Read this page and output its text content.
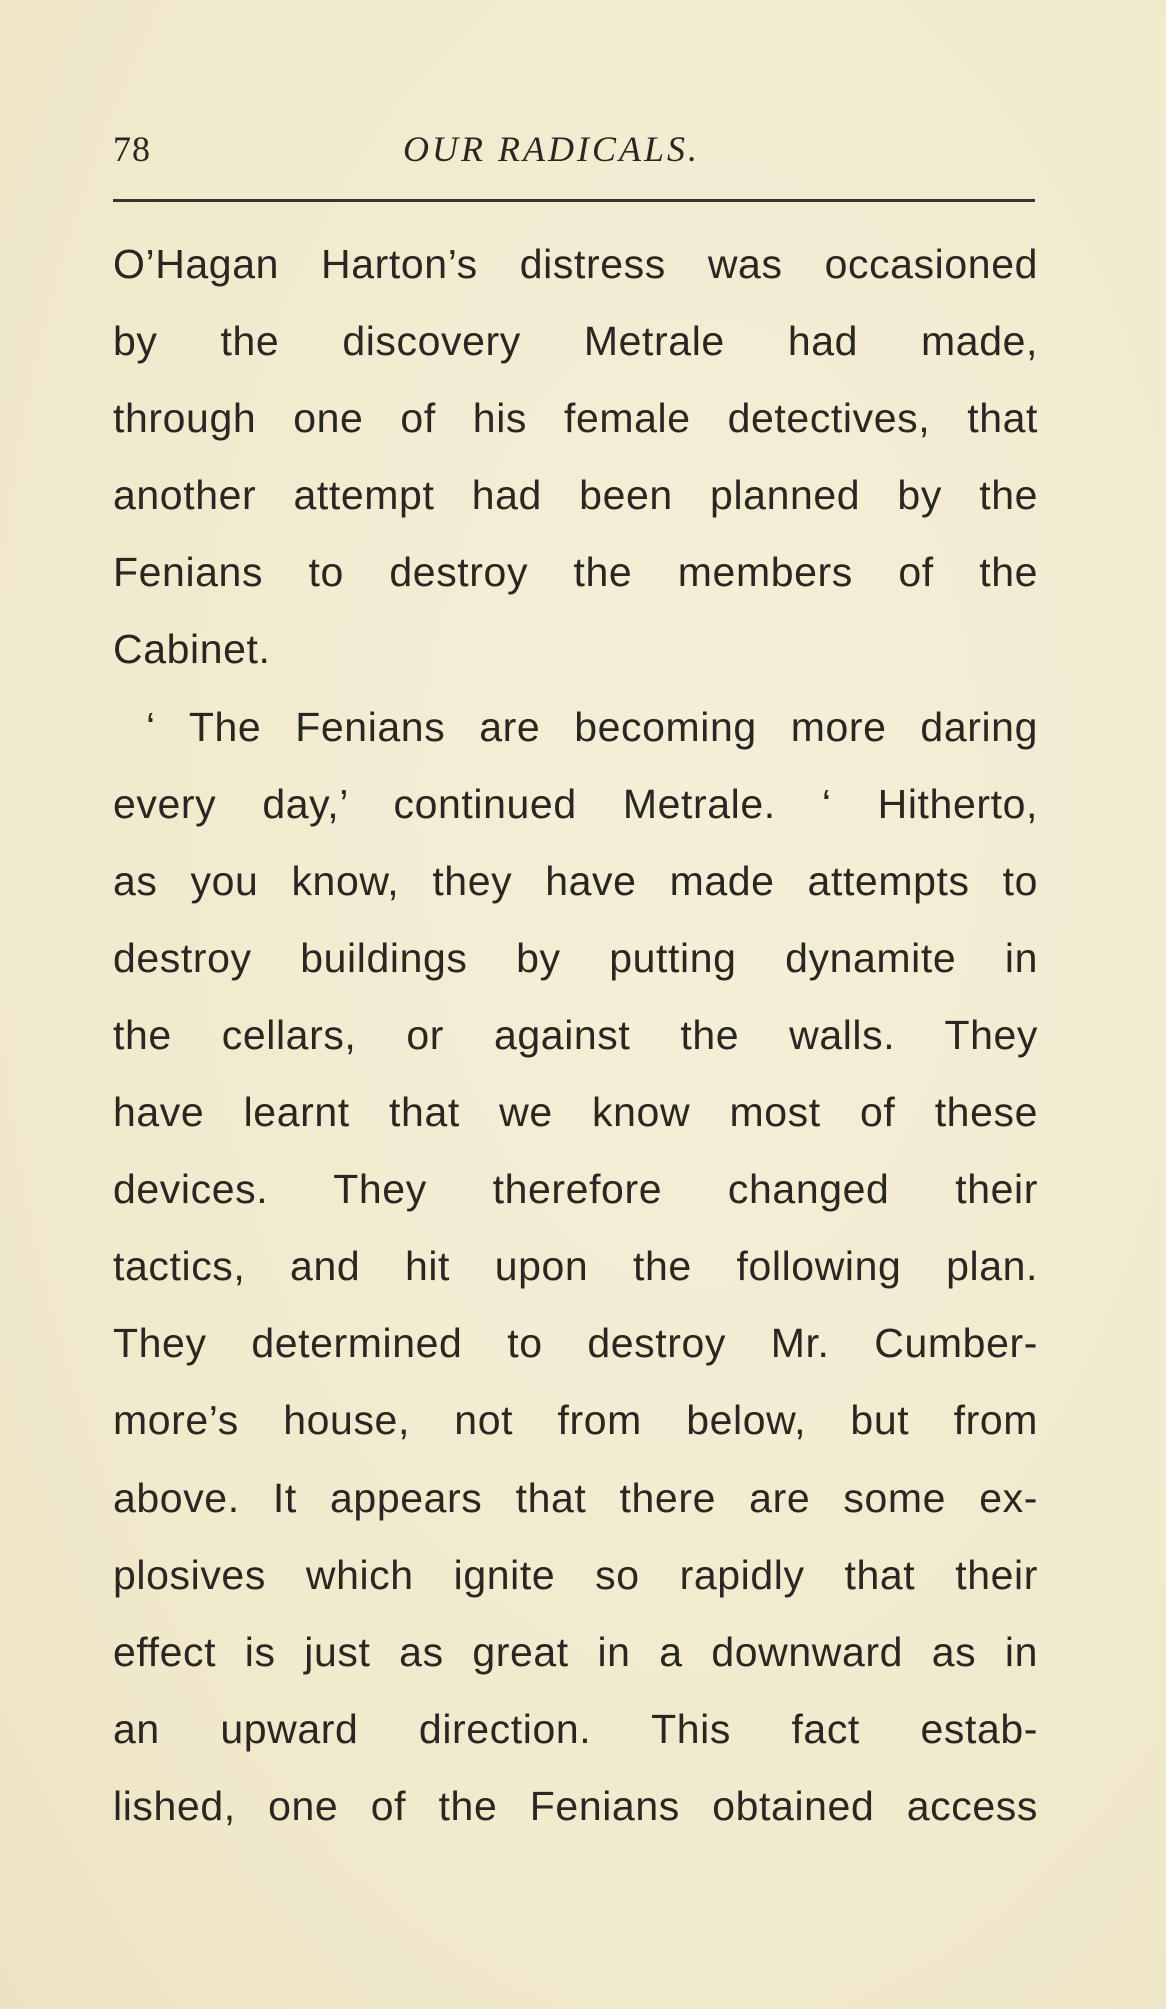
78	OUR RADICALS.
O’Hagan Harton’s distress was occasioned
by the discovery Metrale had made,
through one of his female detectives, that
another attempt had been planned by the
Fenians to destroy the members of the
Cabinet.
‘ The Fenians are becoming more daring
every day,’ continued Metrale. ‘ Hitherto,
as you know, they have made attempts to
destroy buildings by putting dynamite in
the cellars, or against the walls. They
have learnt that we know most of these
devices. They therefore changed their
tactics, and hit upon the following plan.
They determined to destroy Mr. Cumber-
more’s house, not from below, but from
above. It appears that there are some ex-
plosives which ignite so rapidly that their
effect is just as great in a downward as in
an upward direction. This fact estab-
lished, one of the Fenians obtained access
